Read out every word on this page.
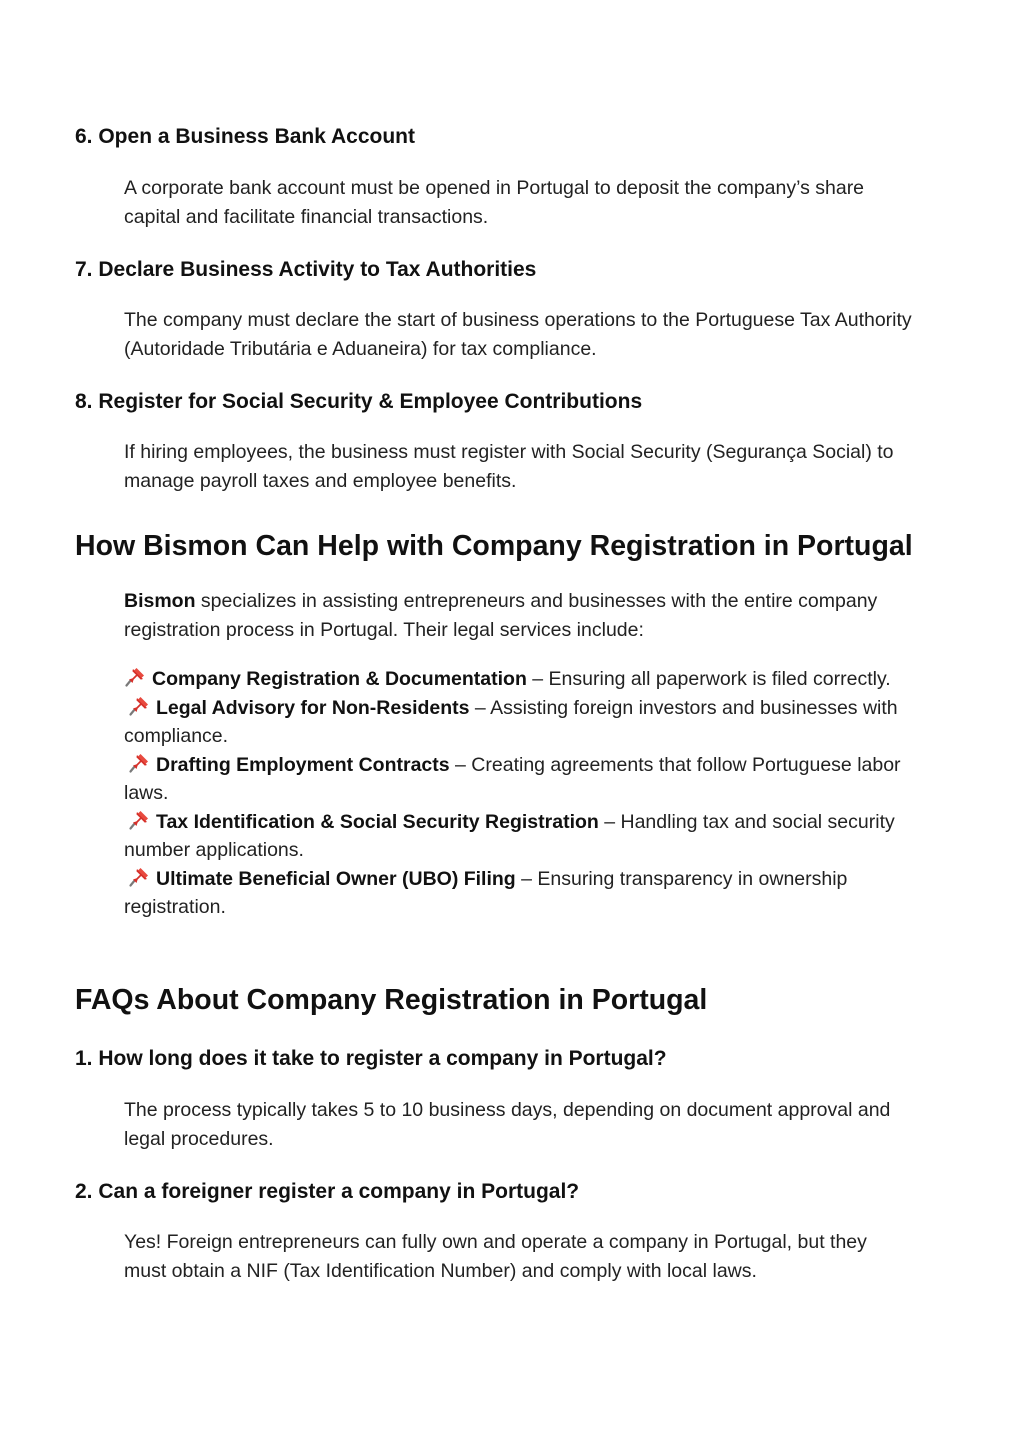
6. Open a Business Bank Account

A corporate bank account must be opened in Portugal to deposit the company’s share capital and facilitate financial transactions.

7. Declare Business Activity to Tax Authorities

The company must declare the start of business operations to the Portuguese Tax Authority (Autoridade Tributária e Aduaneira) for tax compliance.

8. Register for Social Security & Employee Contributions

If hiring employees, the business must register with Social Security (Segurança Social) to manage payroll taxes and employee benefits.

How Bismon Can Help with Company Registration in Portugal

Bismon specializes in assisting entrepreneurs and businesses with the entire company registration process in Portugal. Their legal services include:

Company Registration & Documentation – Ensuring all paperwork is filed correctly.
Legal Advisory for Non-Residents – Assisting foreign investors and businesses with compliance.
Drafting Employment Contracts – Creating agreements that follow Portuguese labor laws.
Tax Identification & Social Security Registration – Handling tax and social security number applications.
Ultimate Beneficial Owner (UBO) Filing – Ensuring transparency in ownership registration.
FAQs About Company Registration in Portugal
1. How long does it take to register a company in Portugal?

The process typically takes 5 to 10 business days, depending on document approval and legal procedures.

2. Can a foreigner register a company in Portugal?

Yes! Foreign entrepreneurs can fully own and operate a company in Portugal, but they must obtain a NIF (Tax Identification Number) and comply with local laws.
